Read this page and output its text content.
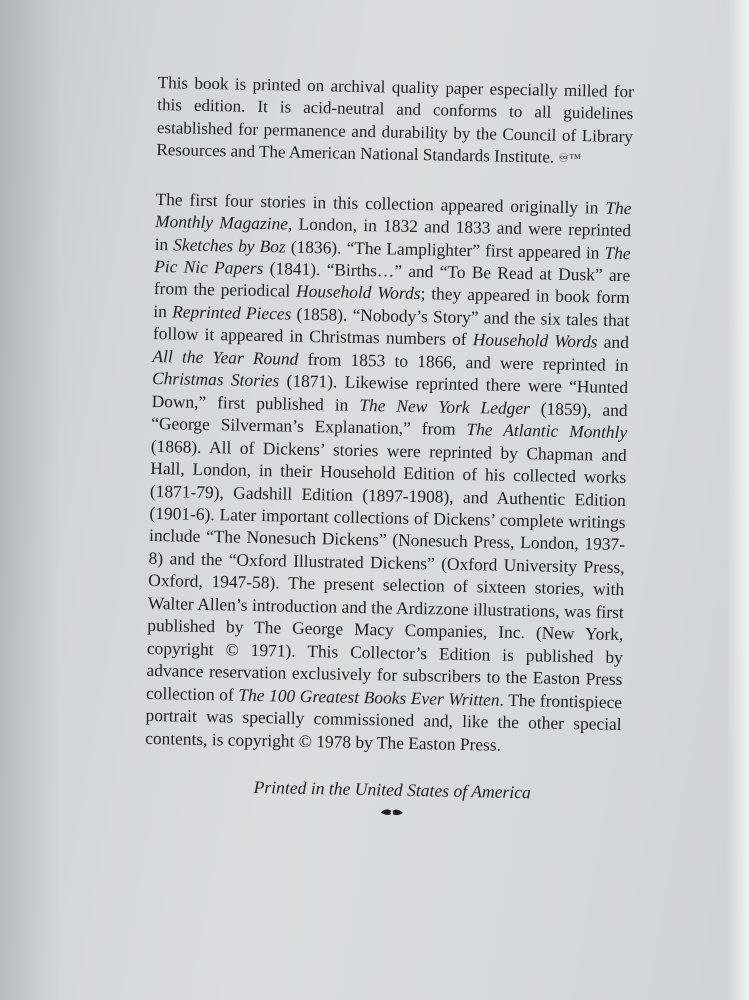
This book is printed on archival quality paper especially milled for this edition. It is acid-neutral and conforms to all guidelines established for permanence and durability by the Council of Library Resources and The American National Standards Institute. ♾™

The first four stories in this collection appeared originally in The Monthly Magazine, London, in 1832 and 1833 and were reprinted in Sketches by Boz (1836). “The Lamplighter” first appeared in The Pic Nic Papers (1841). “Births…” and “To Be Read at Dusk” are from the periodical Household Words; they appeared in book form in Reprinted Pieces (1858). “Nobody’s Story” and the six tales that follow it appeared in Christmas numbers of Household Words and All the Year Round from 1853 to 1866, and were reprinted in Christmas Stories (1871). Likewise reprinted there were “Hunted Down,” first published in The New York Ledger (1859), and “George Silverman’s Explanation,” from The Atlantic Monthly (1868). All of Dickens’ stories were reprinted by Chapman and Hall, London, in their Household Edition of his collected works (1871-79), Gadshill Edition (1897-1908), and Authentic Edition (1901-6). Later important collections of Dickens’ complete writings include “The Nonesuch Dickens” (Nonesuch Press, London, 1937-8) and the “Oxford Illustrated Dickens” (Oxford University Press, Oxford, 1947-58). The present selection of sixteen stories, with Walter Allen’s introduction and the Ardizzone illustrations, was first published by The George Macy Companies, Inc. (New York, copyright © 1971). This Collector’s Edition is published by advance reservation exclusively for subscribers to the Easton Press collection of The 100 Greatest Books Ever Written. The frontispiece portrait was specially commissioned and, like the other special contents, is copyright © 1978 by The Easton Press.

Printed in the United States of America
